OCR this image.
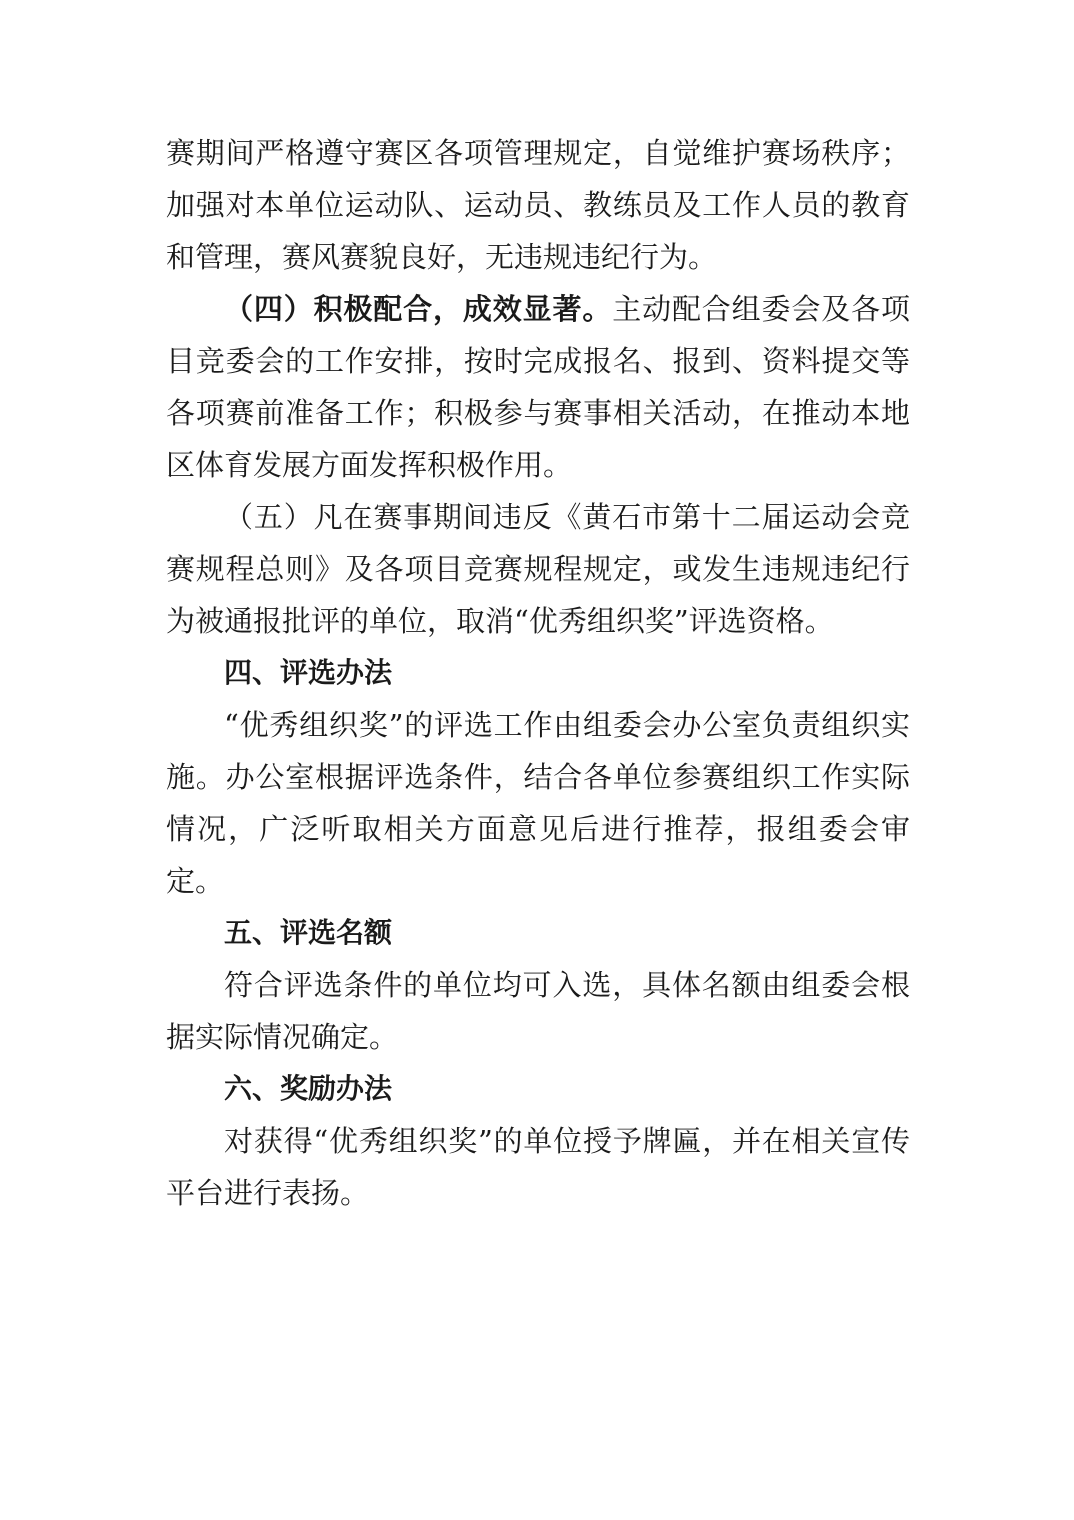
赛期间严格遵守赛区各项管理规定，自觉维护赛场秩序；加强对本单位运动队、运动员、教练员及工作人员的教育和管理，赛风赛貌良好，无违规违纪行为。

（四）积极配合，成效显著。主动配合组委会及各项目竞委会的工作安排，按时完成报名、报到、资料提交等各项赛前准备工作；积极参与赛事相关活动，在推动本地区体育发展方面发挥积极作用。

（五）凡在赛事期间违反《黄石市第十二届运动会竞赛规程总则》及各项目竞赛规程规定，或发生违规违纪行为被通报批评的单位，取消“优秀组织奖”评选资格。

四、评选办法

“优秀组织奖”的评选工作由组委会办公室负责组织实施。办公室根据评选条件，结合各单位参赛组织工作实际情况，广泛听取相关方面意见后进行推荐，报组委会审定。

五、评选名额

符合评选条件的单位均可入选，具体名额由组委会根据实际情况确定。

六、奖励办法

对获得“优秀组织奖”的单位授予牌匾，并在相关宣传平台进行表扬。
